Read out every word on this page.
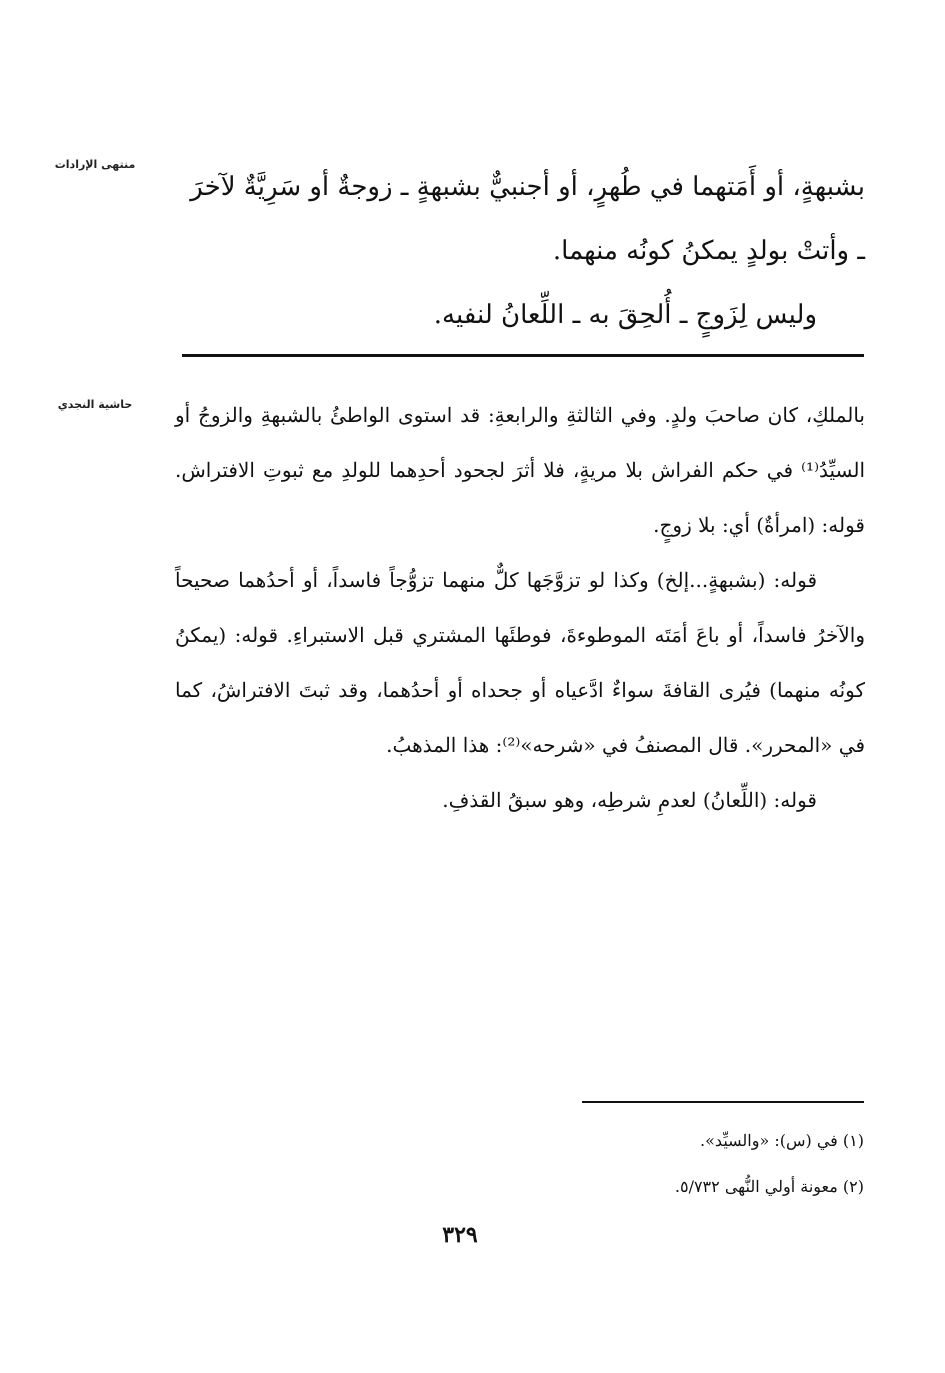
منتهى الإرادات

بشبهةٍ، أو أَمَتهما في طُهرٍ، أو أجنبيٌّ بشبهةٍ ـ زوجةٌ أو سَرِيَّةٌ لآخرَ

ـ وأتتْ بولدٍ يمكنُ كونُه منهما.

وليس لِزَوجٍ ـ أُلحِقَ به ـ اللِّعانُ لنفيه.

حاشية النجدي	بالملكِ، كان صاحبَ ولدٍ. وفي الثالثةِ والرابعةِ: قد استوى الواطئُ بالشبهةِ والزوجُ أو السيِّدُ⁽¹⁾ في حكم الفراش بلا مريةٍ، فلا أثرَ لجحود أحدِهما للولدِ مع ثبوتِ الافتراش. قوله: (امرأةٌ) أي: بلا زوجٍ.

قوله: (بشبهةٍ...إلخ) وكذا لو تزوَّجَها كلٌّ منهما تزوُّجاً فاسداً، أو أحدُهما صحيحاً والآخرُ فاسداً، أو باعَ أمَتَه الموطوءةَ، فوطئَها المشتري قبل الاستبراءِ. قوله: (يمكنُ كونُه منهما) فيُرى القافةَ سواءٌ ادَّعياه أو جحداه أو أحدُهما، وقد ثبتَ الافتراشُ، كما في «المحرر». قال المصنفُ في «شرحه»⁽²⁾: هذا المذهبُ.

قوله: (اللِّعانُ) لعدمِ شرطِه، وهو سبقُ القذفِ.

(١) في (س): «والسيِّد».

(٢) معونة أولي النُّهى ٥/٧٣٢.

٣٢٩
